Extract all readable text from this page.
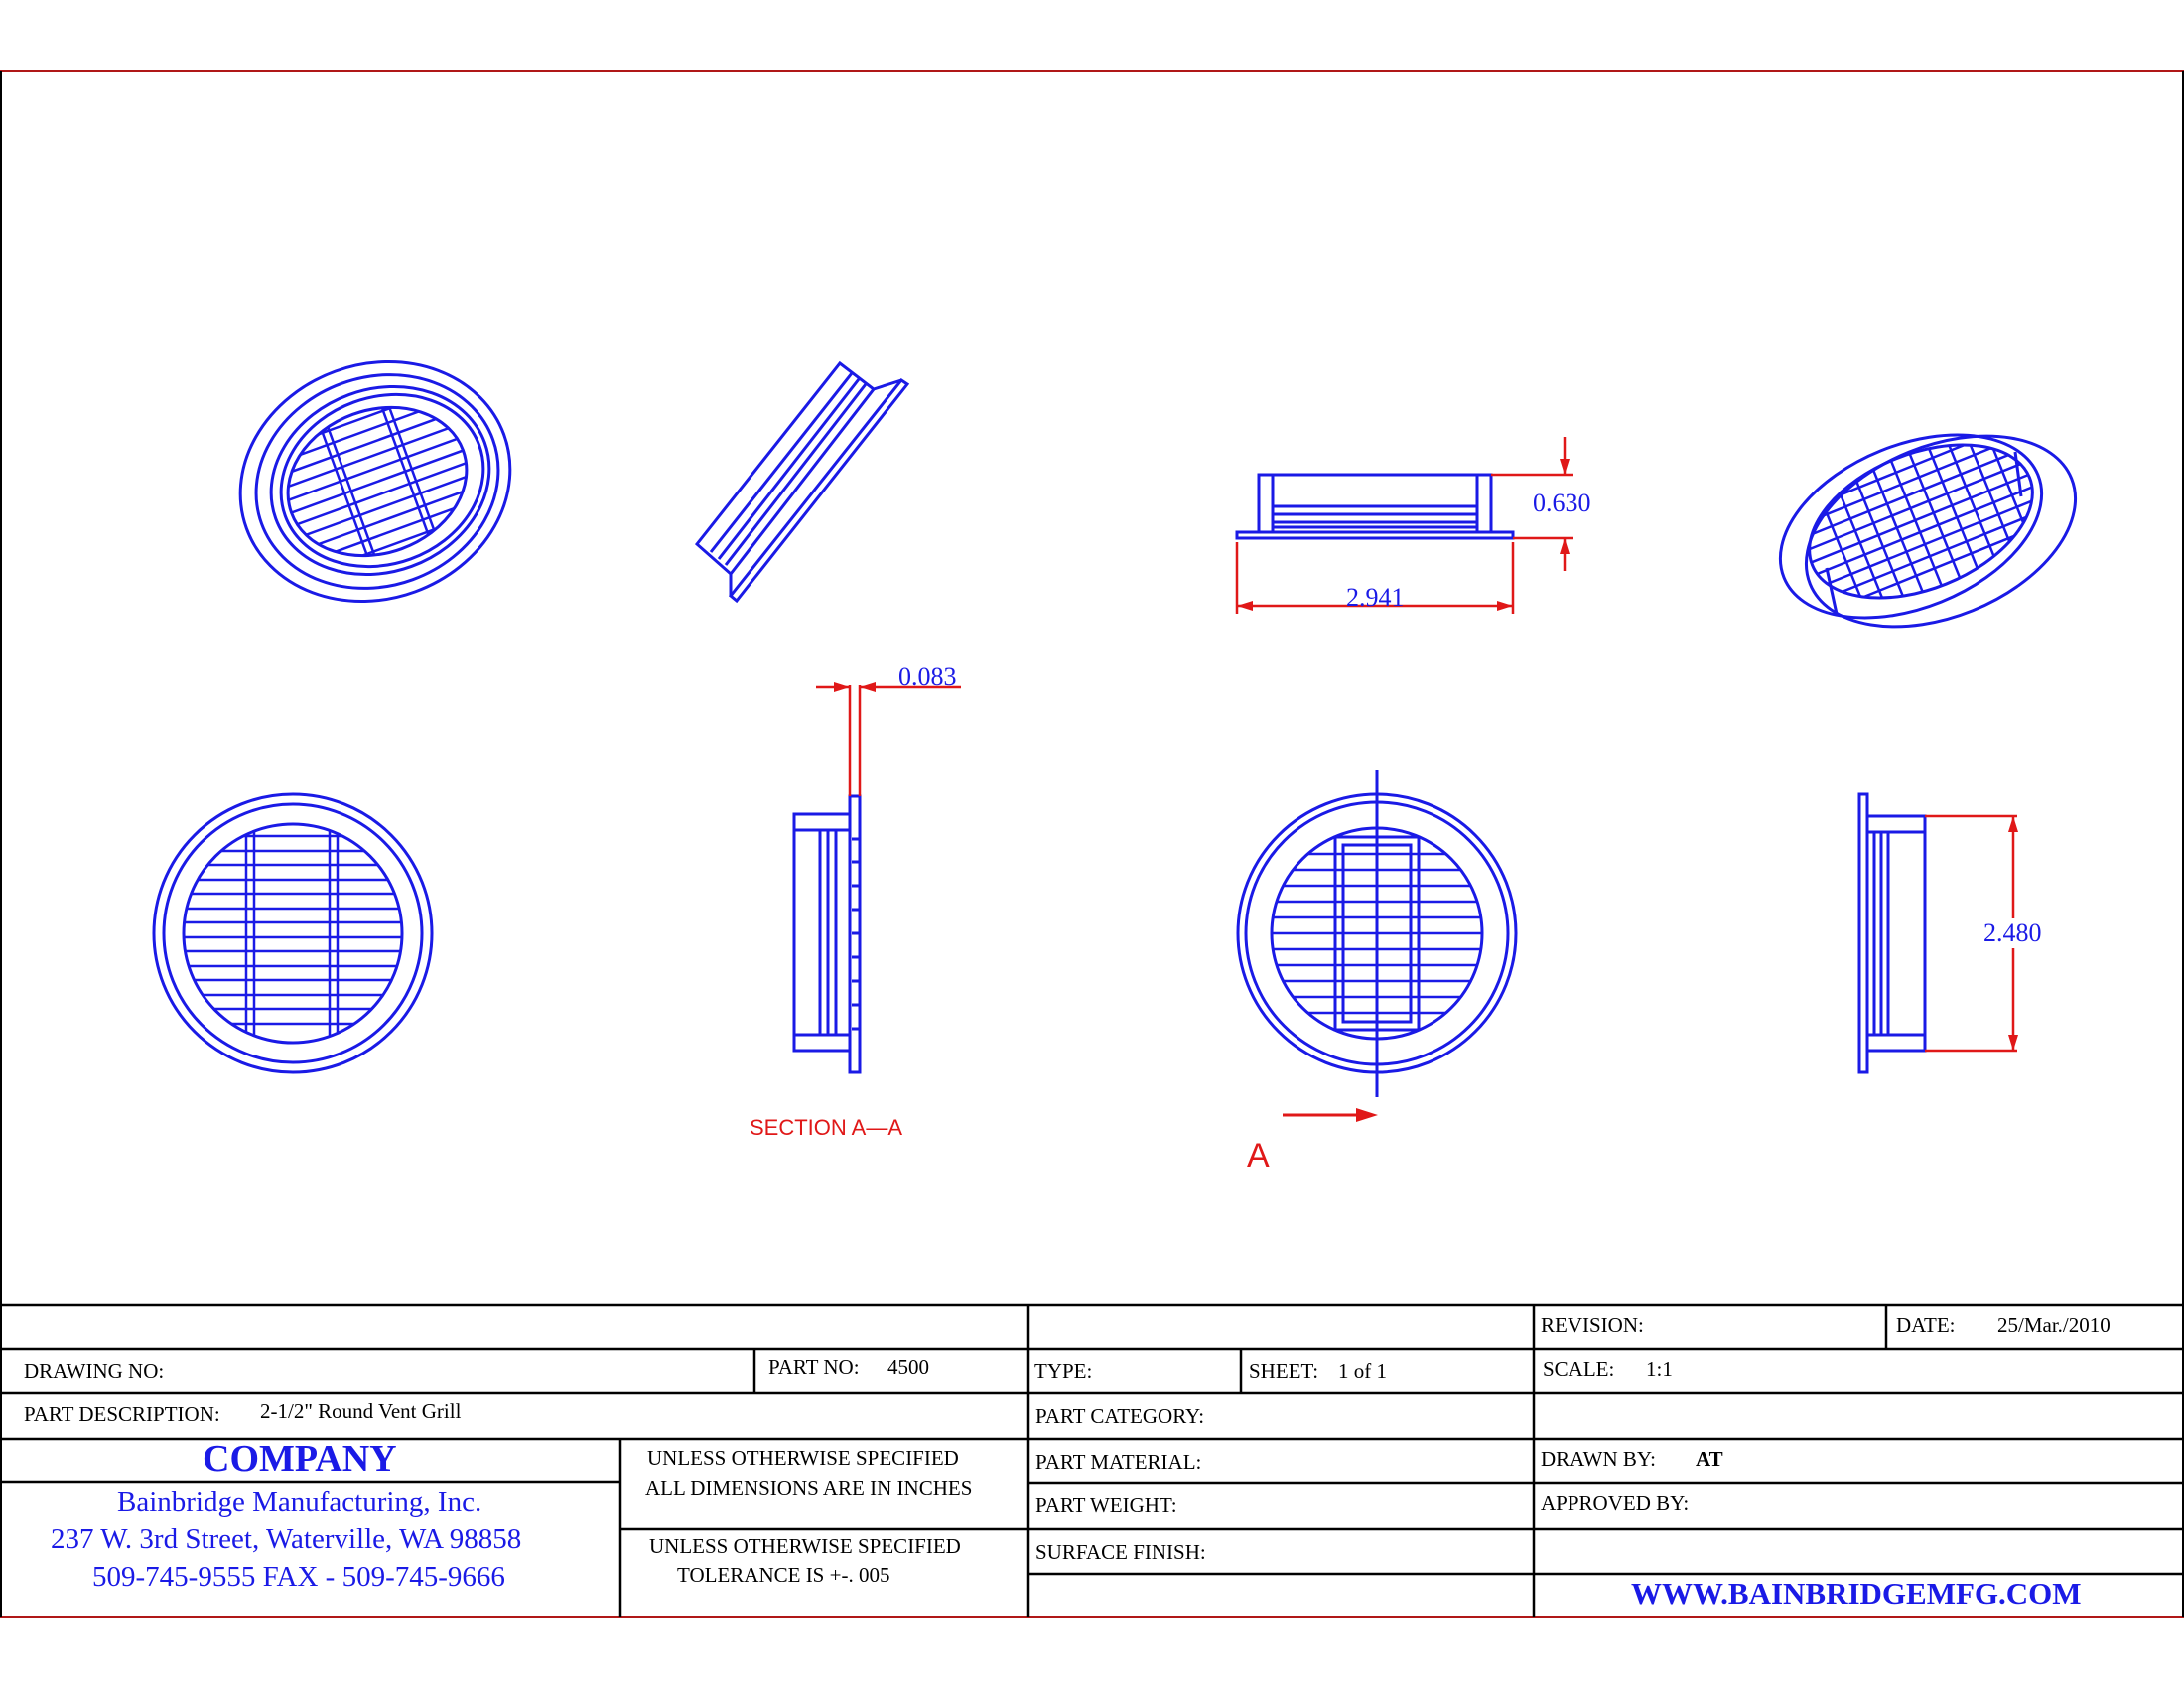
0.630
2.941
0.083
SECTION A—A
A
2.480
REVISION:	DATE: 25/Mar./2010
DRAWING NO:	PART NO: 4500	TYPE:	SHEET: 1 of 1	SCALE: 1:1
PART DESCRIPTION: 2-1/2" Round Vent Grill	PART CATEGORY:
COMPANY
Bainbridge Manufacturing, Inc.
237 W. 3rd Street, Waterville, WA 98858
509-745-9555 FAX - 509-745-9666
UNLESS OTHERWISE SPECIFIED
ALL DIMENSIONS ARE IN INCHES
UNLESS OTHERWISE SPECIFIED
TOLERANCE IS +-. 005
PART MATERIAL:
PART WEIGHT:
SURFACE FINISH:
DRAWN BY: AT
APPROVED BY:
WWW.BAINBRIDGEMFG.COM
